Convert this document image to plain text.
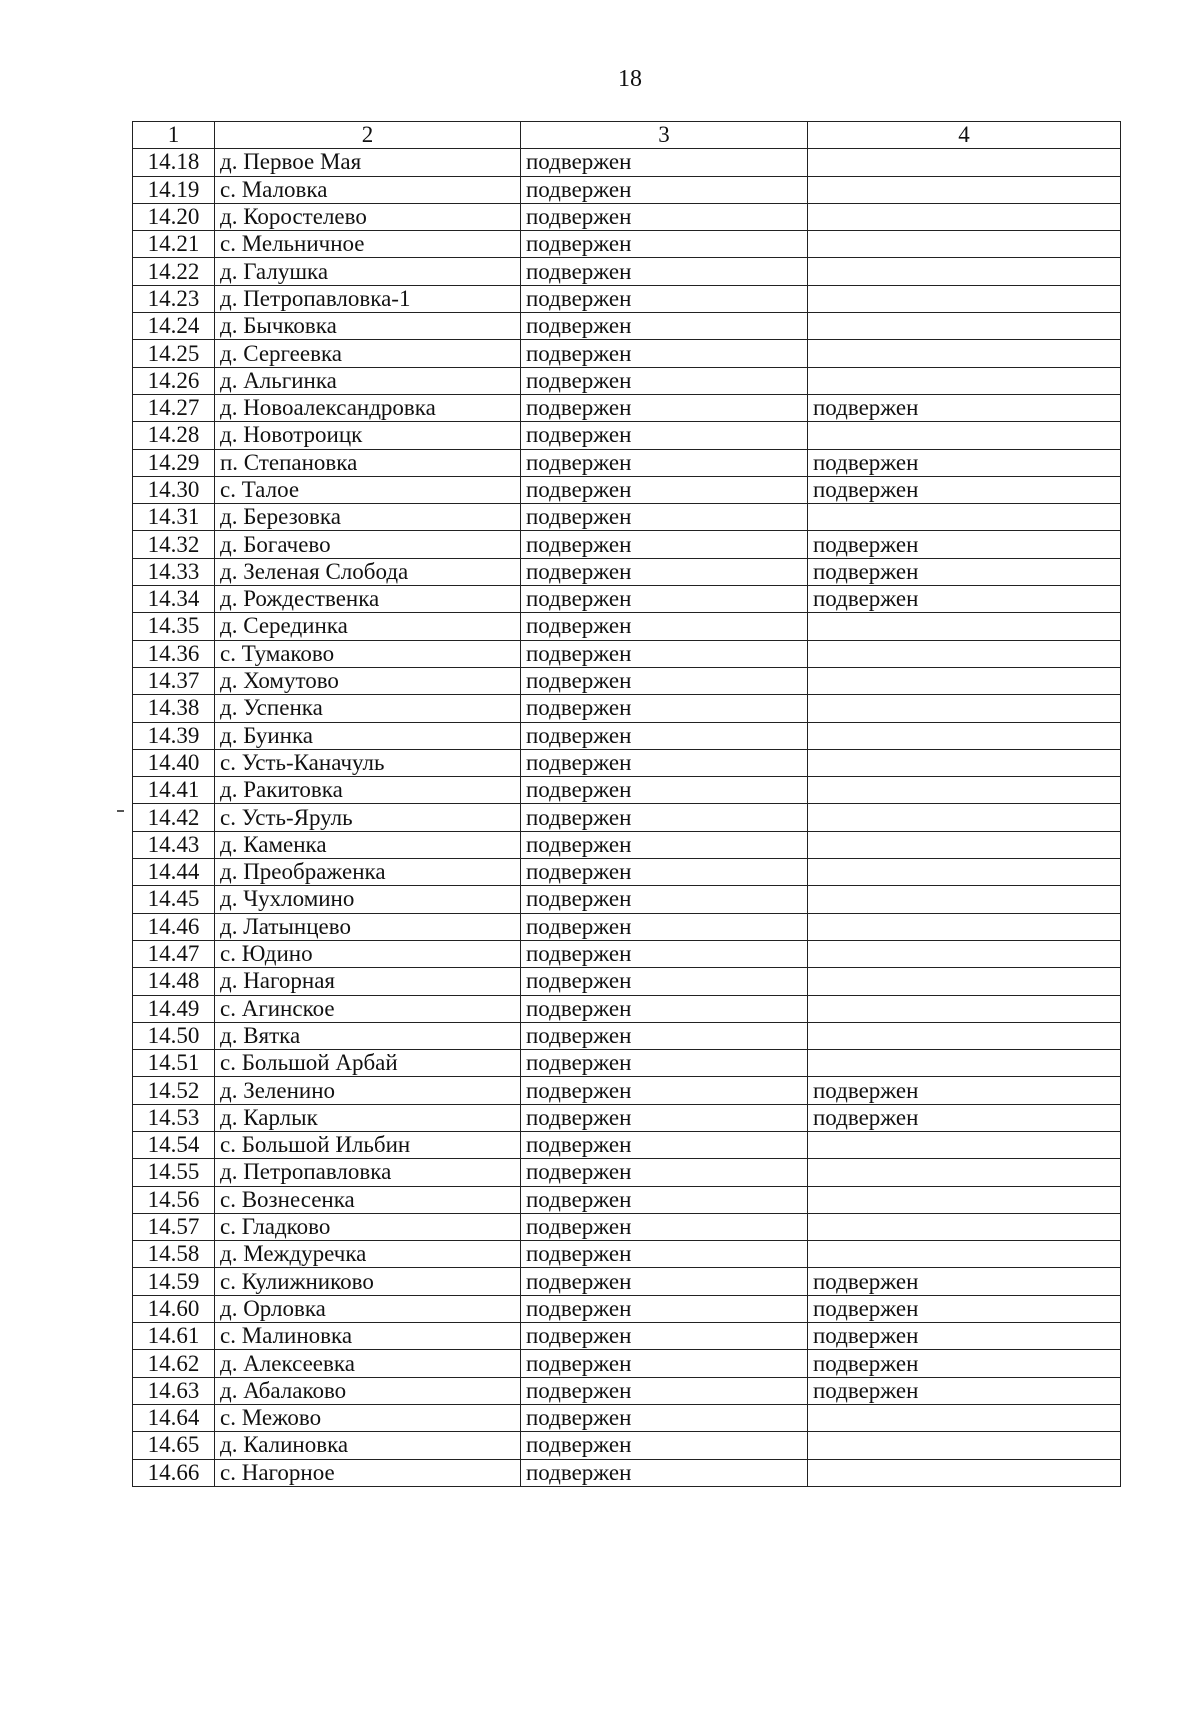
18
1	2	3	4
14.18	д. Первое Мая	подвержен	
14.19	с. Маловка	подвержен	
14.20	д. Коростелево	подвержен	
14.21	с. Мельничное	подвержен	
14.22	д. Галушка	подвержен	
14.23	д. Петропавловка-1	подвержен	
14.24	д. Бычковка	подвержен	
14.25	д. Сергеевка	подвержен	
14.26	д. Альгинка	подвержен	
14.27	д. Новоалександровка	подвержен	подвержен
14.28	д. Новотроицк	подвержен	
14.29	п. Степановка	подвержен	подвержен
14.30	с. Талое	подвержен	подвержен
14.31	д. Березовка	подвержен	
14.32	д. Богачево	подвержен	подвержен
14.33	д. Зеленая Слобода	подвержен	подвержен
14.34	д. Рождественка	подвержен	подвержен
14.35	д. Серединка	подвержен	
14.36	с. Тумаково	подвержен	
14.37	д. Хомутово	подвержен	
14.38	д. Успенка	подвержен	
14.39	д. Буинка	подвержен	
14.40	с. Усть-Каначуль	подвержен	
14.41	д. Ракитовка	подвержен	
14.42	с. Усть-Яруль	подвержен	
14.43	д. Каменка	подвержен	
14.44	д. Преображенка	подвержен	
14.45	д. Чухломино	подвержен	
14.46	д. Латынцево	подвержен	
14.47	с. Юдино	подвержен	
14.48	д. Нагорная	подвержен	
14.49	с. Агинское	подвержен	
14.50	д. Вятка	подвержен	
14.51	с. Большой Арбай	подвержен	
14.52	д. Зеленино	подвержен	подвержен
14.53	д. Карлык	подвержен	подвержен
14.54	с. Большой Ильбин	подвержен	
14.55	д. Петропавловка	подвержен	
14.56	с. Вознесенка	подвержен	
14.57	с. Гладково	подвержен	
14.58	д. Междуречка	подвержен	
14.59	с. Кулижниково	подвержен	подвержен
14.60	д. Орловка	подвержен	подвержен
14.61	с. Малиновка	подвержен	подвержен
14.62	д. Алексеевка	подвержен	подвержен
14.63	д. Абалаково	подвержен	подвержен
14.64	с. Межово	подвержен	
14.65	д. Калиновка	подвержен	
14.66	с. Нагорное	подвержен	
